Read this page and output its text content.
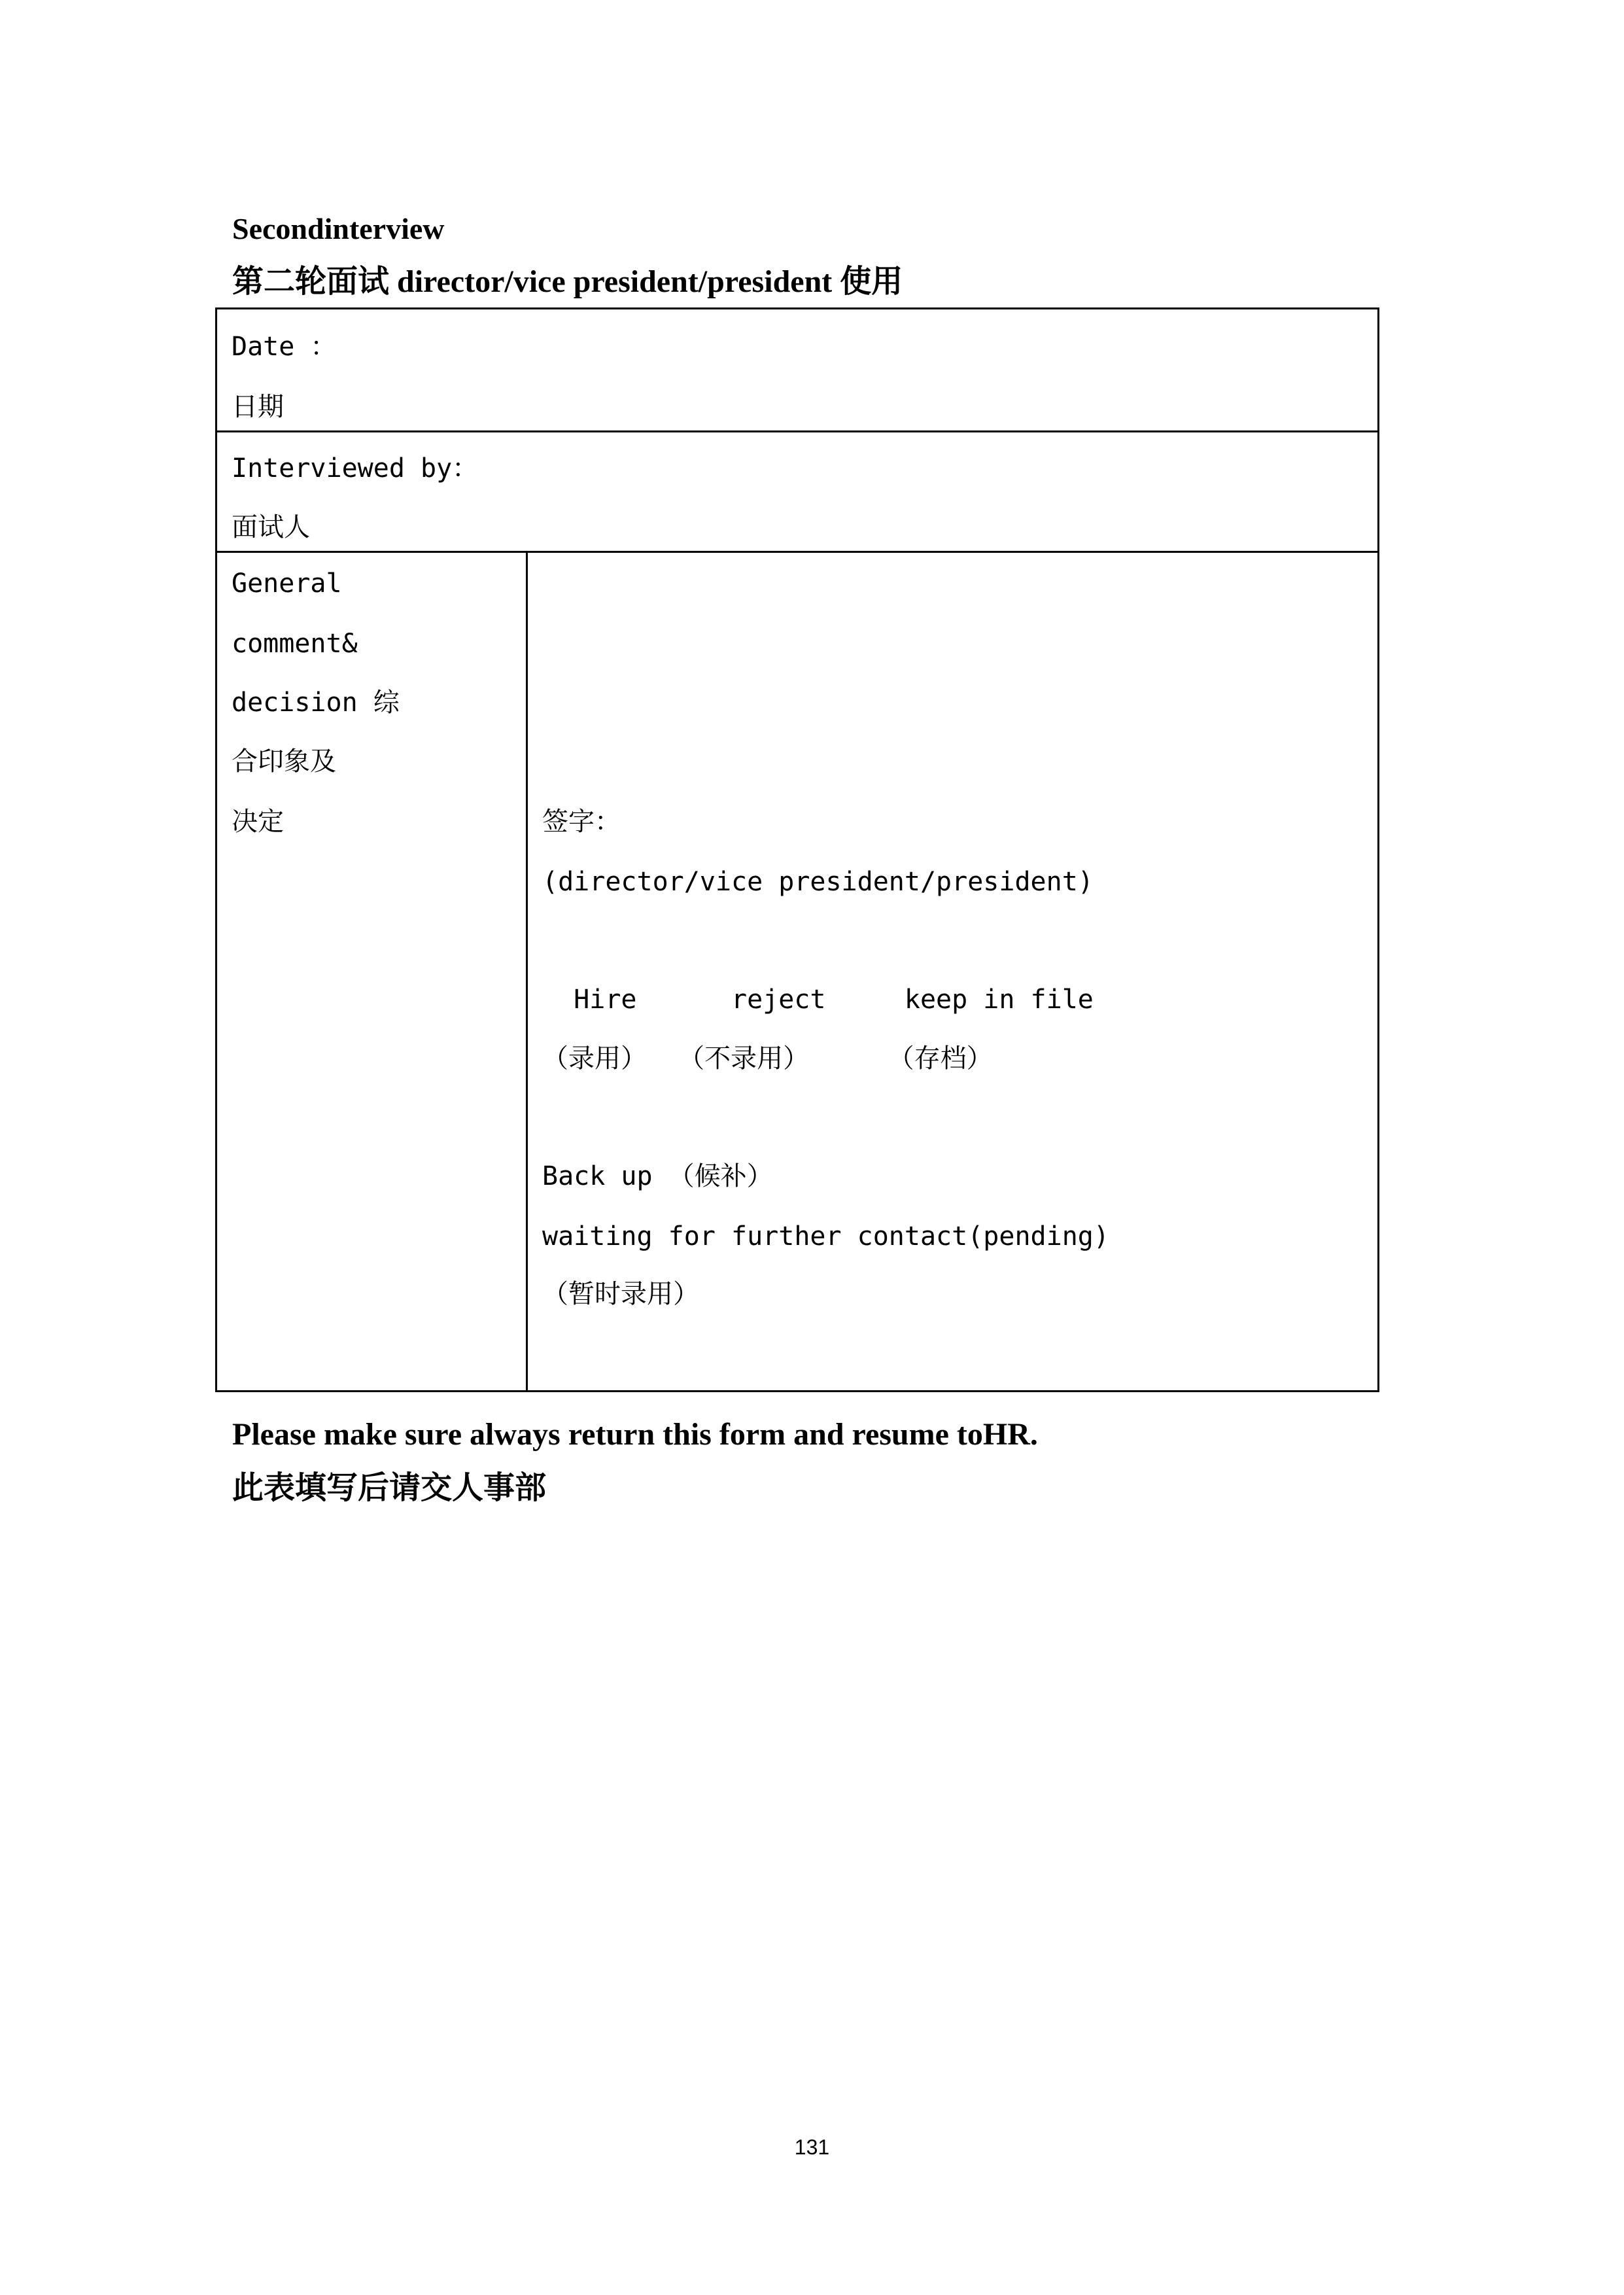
Secondinterview
第二轮面试 director/vice president/president 使用
Date ：
日期
Interviewed by：
面试人
General
comment&
decision 综
合印象及
决定	签字：
(director/vice president/president)
Hire      reject     keep in file
（录用）  （不录用）     （存档）
Back up （候补）
waiting for further contact(pending)
（暂时录用）
Please make sure always return this form and resume toHR.
此表填写后请交人事部
131
